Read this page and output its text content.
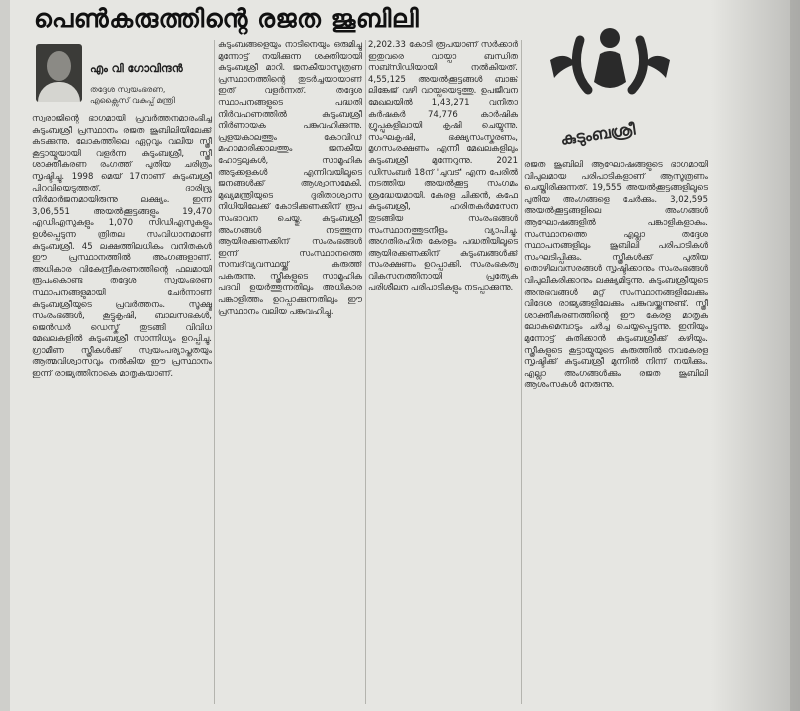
പെൺകരുത്തിന്റെ രജത ജൂബിലി
എം വി ഗോവിന്ദൻ
തദ്ദേശ സ്വയംഭരണ, എക്സൈസ് വകുപ്പ് മന്ത്രി
സ്വരാജിന്റെ ഭാഗമായി പ്രവർത്തനമാരംഭിച്ച കുടുംബശ്രീ പ്രസ്ഥാനം രജത ജൂബിലിയിലേക്ക് കടക്കുന്നു. ലോകത്തിലെ ഏറ്റവും വലിയ സ്ത്രീ കൂട്ടായ്മയായി വളർന്ന കുടുംബശ്രീ, സ്ത്രീ ശാക്തീകരണ രംഗത്ത് പുതിയ ചരിത്രം സൃഷ്ടിച്ചു. 1998 മെയ് 17നാണ് കുടുംബശ്രീ പിറവിയെടുത്തത്. ദാരിദ്ര്യ നിർമാർജനമായിരുന്നു ലക്ഷ്യം. ഇന്ന് 3,06,551 അയൽക്കൂട്ടങ്ങളും 19,470 എഡിഎസുകളും 1,070 സിഡിഎസുകളും ഉൾപ്പെടുന്ന ത്രിതല സംവിധാനമാണ് കുടുംബശ്രീ. 45 ലക്ഷത്തിലധികം വനിതകൾ ഈ പ്രസ്ഥാനത്തിൽ അംഗങ്ങളാണ്. അധികാര വികേന്ദ്രീകരണത്തിന്റെ ഫലമായി രൂപംകൊണ്ട തദ്ദേശ സ്വയംഭരണ സ്ഥാപനങ്ങളുമായി ചേർന്നാണ് കുടുംബശ്രീയുടെ പ്രവർത്തനം. സൂക്ഷ്മ സംരംഭങ്ങൾ, കൂട്ടുകൃഷി, ബാലസഭകൾ, ജെൻഡർ ഡെസ്ക് തുടങ്ങി വിവിധ മേഖലകളിൽ കുടുംബശ്രീ സാന്നിധ്യം ഉറപ്പിച്ചു. ഗ്രാമീണ സ്ത്രീകൾക്ക് സ്വയംപര്യാപ്തതയും ആത്മവിശ്വാസവും നൽകിയ ഈ പ്രസ്ഥാനം ഇന്ന് രാജ്യത്തിനാകെ മാതൃകയാണ്.
കുടുംബങ്ങളെയും നാടിനെയും ഒരുമിച്ചു മുന്നോട്ട് നയിക്കുന്ന ശക്തിയായി കുടുംബശ്രീ മാറി. ജനകീയാസൂത്രണ പ്രസ്ഥാനത്തിന്റെ തുടർച്ചയായാണ് ഇത് വളർന്നത്. തദ്ദേശ സ്ഥാപനങ്ങളുടെ പദ്ധതി നിർവഹണത്തിൽ കുടുംബശ്രീ നിർണായക പങ്കുവഹിക്കുന്നു. പ്രളയകാലത്തും കോവിഡ് മഹാമാരിക്കാലത്തും ജനകീയ ഹോട്ടലുകൾ, സാമൂഹിക അടുക്കളകൾ എന്നിവയിലൂടെ ജനങ്ങൾക്ക് ആശ്വാസമേകി. മുഖ്യമന്ത്രിയുടെ ദുരിതാശ്വാസ നിധിയിലേക്ക് കോടിക്കണക്കിന് രൂപ സംഭാവന ചെയ്തു. കുടുംബശ്രീ അംഗങ്ങൾ നടത്തുന്ന ആയിരക്കണക്കിന് സംരംഭങ്ങൾ ഇന്ന് സംസ്ഥാനത്തെ സമ്പദ്‌വ്യവസ്ഥയ്ക്ക് കരുത്ത് പകരുന്നു. സ്ത്രീകളുടെ സാമൂഹിക പദവി ഉയർത്തുന്നതിലും അധികാര പങ്കാളിത്തം ഉറപ്പാക്കുന്നതിലും ഈ പ്രസ്ഥാനം വലിയ പങ്കുവഹിച്ചു.
2,202.33 കോടി രൂപയാണ് സർക്കാർ ഇതുവരെ വായ്പാ ബന്ധിത സബ്സിഡിയായി നൽകിയത്. 4,55,125 അയൽക്കൂട്ടങ്ങൾ ബാങ്ക് ലിങ്കേജ് വഴി വായ്പയെടുത്തു. ഉപജീവന മേഖലയിൽ 1,43,271 വനിതാ കർഷകർ 74,776 കാർഷിക ഗ്രൂപ്പുകളിലായി കൃഷി ചെയ്യുന്നു. സംഘകൃഷി, ഭക്ഷ്യസംസ്കരണം, മൃഗസംരക്ഷണം എന്നീ മേഖലകളിലും കുടുംബശ്രീ മുന്നേറുന്നു. 2021 ഡിസംബർ 18ന് 'ചുവട്' എന്ന പേരിൽ നടത്തിയ അയൽക്കൂട്ട സംഗമം ശ്രദ്ധേയമായി. കേരള ചിക്കൻ, കഫേ കുടുംബശ്രീ, ഹരിതകർമസേന തുടങ്ങിയ സംരംഭങ്ങൾ സംസ്ഥാനത്തുടനീളം വ്യാപിച്ചു. അഗതിരഹിത കേരളം പദ്ധതിയിലൂടെ ആയിരക്കണക്കിന് കുടുംബങ്ങൾക്ക് സംരക്ഷണം ഉറപ്പാക്കി. സംരംഭകത്വ വികസനത്തിനായി പ്രത്യേക പരിശീലന പരിപാടികളും നടപ്പാക്കുന്നു.
രജത ജൂബിലി ആഘോഷങ്ങളുടെ ഭാഗമായി വിപുലമായ പരിപാടികളാണ് ആസൂത്രണം ചെയ്തിരിക്കുന്നത്. 19,555 അയൽക്കൂട്ടങ്ങളിലൂടെ പുതിയ അംഗങ്ങളെ ചേർക്കും. 3,02,595 അയൽക്കൂട്ടങ്ങളിലെ അംഗങ്ങൾ ആഘോഷങ്ങളിൽ പങ്കാളികളാകും. സംസ്ഥാനത്തെ എല്ലാ തദ്ദേശ സ്ഥാപനങ്ങളിലും ജൂബിലി പരിപാടികൾ സംഘടിപ്പിക്കും. സ്ത്രീകൾക്ക് പുതിയ തൊഴിലവസരങ്ങൾ സൃഷ്ടിക്കാനും സംരംഭങ്ങൾ വിപുലീകരിക്കാനും ലക്ഷ്യമിടുന്നു. കുടുംബശ്രീയുടെ അനുഭവങ്ങൾ മറ്റ് സംസ്ഥാനങ്ങളിലേക്കും വിദേശ രാജ്യങ്ങളിലേക്കും പങ്കുവയ്ക്കുന്നുണ്ട്. സ്ത്രീ ശാക്തീകരണത്തിന്റെ ഈ കേരള മാതൃക ലോകമെമ്പാടും ചർച്ച ചെയ്യപ്പെടുന്നു. ഇനിയും മുന്നോട്ട് കുതിക്കാൻ കുടുംബശ്രീക്ക് കഴിയും. സ്ത്രീകളുടെ കൂട്ടായ്മയുടെ കരുത്തിൽ നവകേരള സൃഷ്ടിക്ക് കുടുംബശ്രീ മുന്നിൽ നിന്ന് നയിക്കും. എല്ലാ അംഗങ്ങൾക്കും രജത ജൂബിലി ആശംസകൾ നേരുന്നു.
കുടുംബശ്രീ
